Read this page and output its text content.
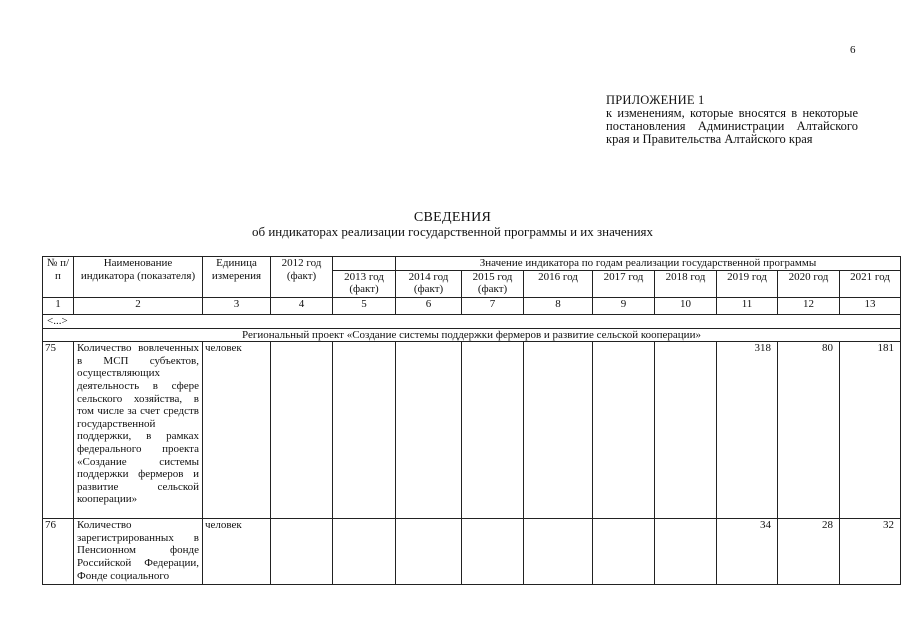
6
ПРИЛОЖЕНИЕ 1
к изменениям, которые вносятся в некоторые постановления Администрации Алтайского края и Правительства Алтайского края
СВЕДЕНИЯ
об индикаторах реализации государственной программы и их значениях
№ п/п	Наименование индикатора (показателя)	Единица измерения	2012 год (факт)		Значение индикатора по годам реализации государственной программы							
				2013 год (факт)	2014 год (факт)	2015 год (факт)	2016 год	2017 год	2018 год	2019 год	2020 год	2021 год
1	2	3	4	5	6	7	8	9	10	11	12	13
<...>												
Региональный проект «Создание системы поддержки фермеров и развитие сельской кооперации»												
75	Количество вовлеченных в МСП субъектов, осуществляющих деятельность в сфере сельского хозяйства, в том числе за счет средств государственной поддержки, в рамках федерального проекта «Создание системы поддержки фермеров и развитие сельской кооперации»	человек								318	80	181
76	Количество зарегистрированных в Пенсионном фонде Российской Федерации, Фонде социального	человек								34	28	32
